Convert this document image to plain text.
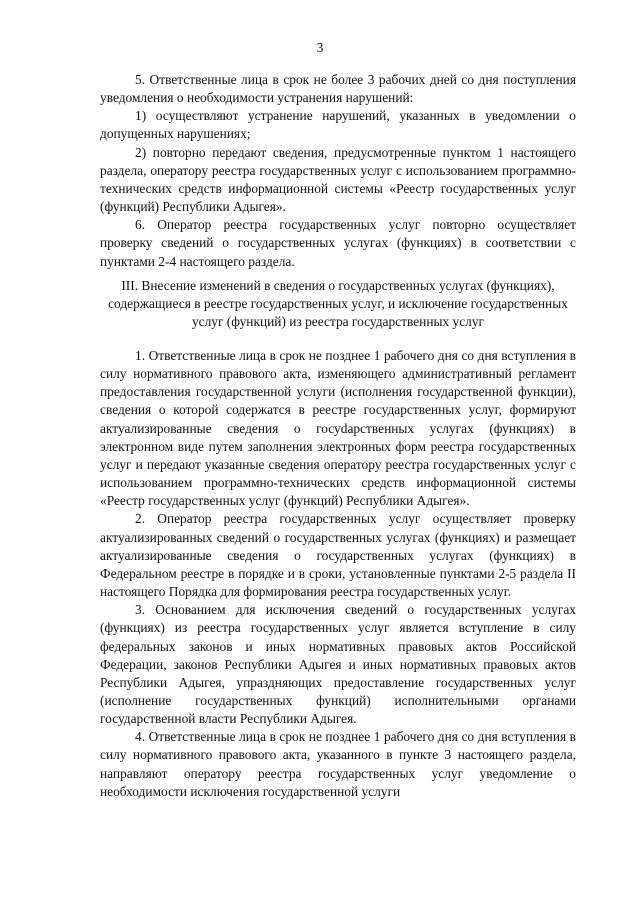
3

5. Ответственные лица в срок не более 3 рабочих дней со дня поступления уведомления о необходимости устранения нарушений:

1) осуществляют устранение нарушений, указанных в уведомлении о допущенных нарушениях;

2) повторно передают сведения, предусмотренные пунктом 1 настоящего раздела, оператору реестра государственных услуг с использованием программно-технических средств информационной системы «Реестр государственных услуг (функций) Республики Адыгея».

6. Оператор реестра государственных услуг повторно осуществляет проверку сведений о государственных услугах (функциях) в соответствии с пунктами 2-4 настоящего раздела.

III. Внесение изменений в сведения о государственных услугах (функциях), содержащиеся в реестре государственных услуг, и исключение государственных услуг (функций) из реестра государственных услуг

1. Ответственные лица в срок не позднее 1 рабочего дня со дня вступления в силу нормативного правового акта, изменяющего административный регламент предоставления государственной услуги (исполнения государственной функции), сведения о которой содержатся в реестре государственных услуг, формируют актуализированные сведения о госуdарственных услугах (функциях) в электронном виде путем заполнения электронных форм реестра государственных услуг и передают указанные сведения оператору реестра государственных услуг с использованием программно-технических средств информационной системы «Реестр государственных услуг (функций) Республики Адыгея».

2. Оператор реестра государственных услуг осуществляет проверку актуализированных сведений о государственных услугах (функциях) и размещает актуализированные сведения о государственных услугах (функциях) в Федеральном реестре в порядке и в сроки, установленные пунктами 2-5 раздела II настоящего Порядка для формирования реестра государственных услуг.

3. Основанием для исключения сведений о государственных услугах (функциях) из реестра государственных услуг является вступление в силу федеральных законов и иных нормативных правовых актов Российской Федерации, законов Республики Адыгея и иных нормативных правовых актов Республики Адыгея, упраздняющих предоставление государственных услуг (исполнение государственных функций) исполнительными органами государственной власти Республики Адыгея.

4. Ответственные лица в срок не позднее 1 рабочего дня со дня вступления в силу нормативного правового акта, указанного в пункте 3 настоящего раздела, направляют оператору реестра государственных услуг уведомление о необходимости исключения государственной услуги
